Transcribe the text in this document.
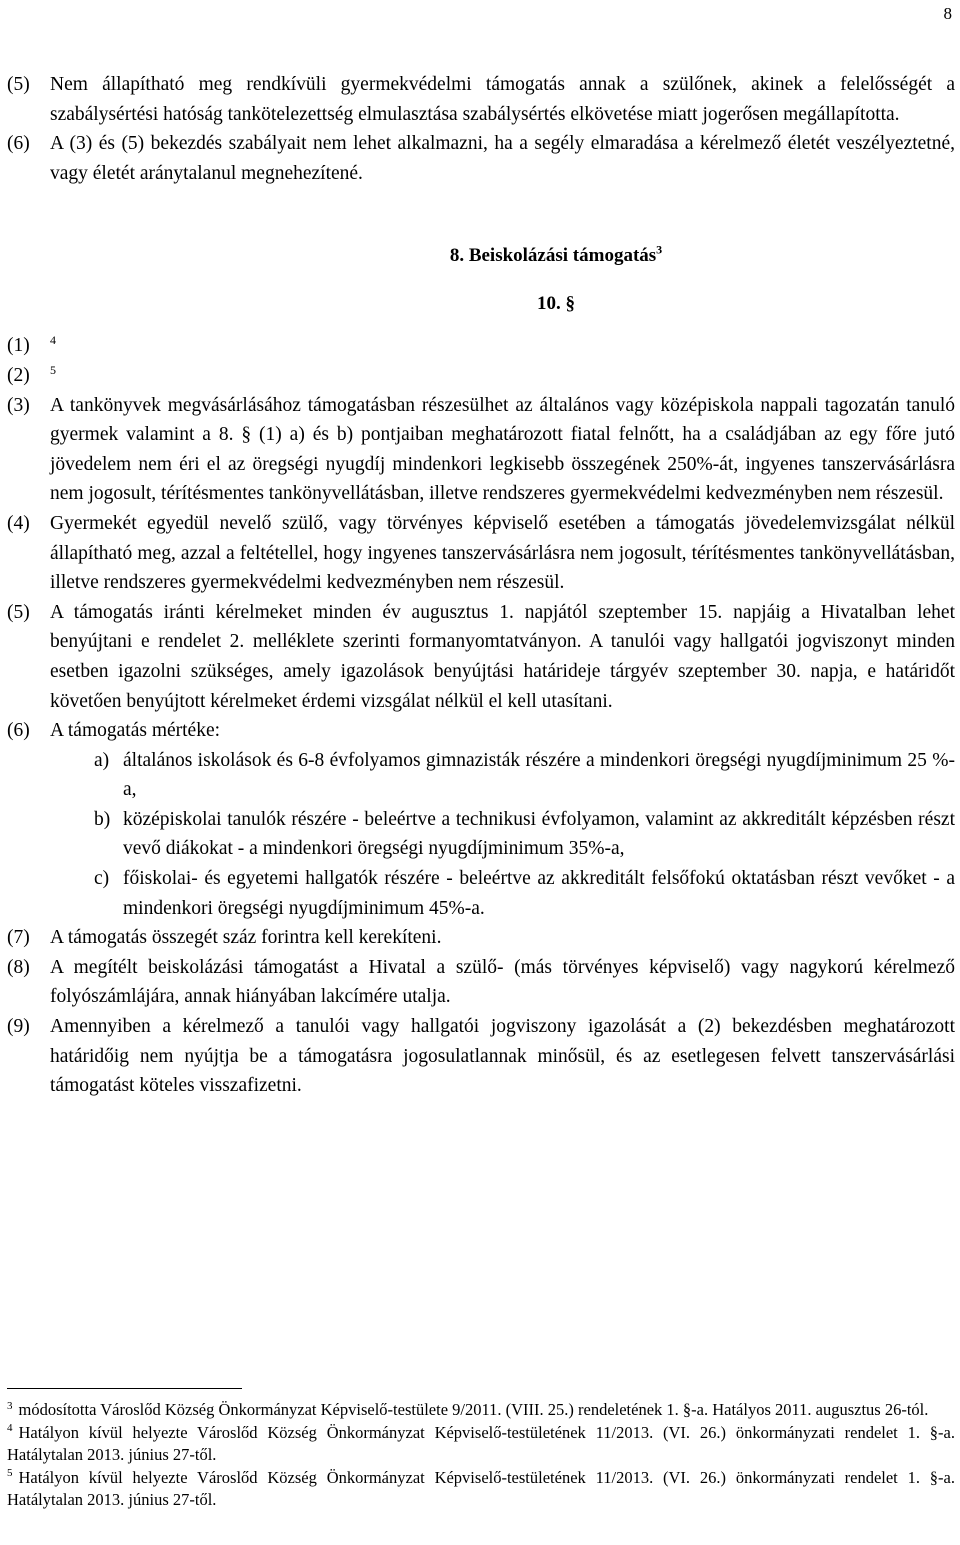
8

(5) Nem állapítható meg rendkívüli gyermekvédelmi támogatás annak a szülőnek, akinek a felelősségét a szabálysértési hatóság tankötelezettség elmulasztása szabálysértés elkövetése miatt jogerősen megállapította.

(6) A (3) és (5) bekezdés szabályait nem lehet alkalmazni, ha a segély elmaradása a kérelmező életét veszélyeztetné, vagy életét aránytalanul megnehezítené.

8. Beiskolázási támogatás$^3$
10. §
(1) 4
(2) 5

(3) A tankönyvek megvásárlásához támogatásban részesülhet az általános vagy középiskola nappali tagozatán tanuló gyermek valamint a 8. § (1) a) és b) pontjaiban meghatározott fiatal felnőtt, ha a családjában az egy főre jutó jövedelem nem éri el az öregségi nyugdíj mindenkori legkisebb összegének 250%-át, ingyenes tanszervásárlásra nem jogosult, térítésmentes tankönyvellátásban, illetve rendszeres gyermekvédelmi kedvezményben nem részesül.

(4) Gyermekét egyedül nevelő szülő, vagy törvényes képviselő esetében a támogatás jövedelemvizsgálat nélkül állapítható meg, azzal a feltétellel, hogy ingyenes tanszervásárlásra nem jogosult, térítésmentes tankönyvellátásban, illetve rendszeres gyermekvédelmi kedvezményben nem részesül.

(5) A támogatás iránti kérelmeket minden év augusztus 1. napjától szeptember 15. napjáig a Hivatalban lehet benyújtani e rendelet 2. melléklete szerinti formanyomtatványon. A tanulói vagy hallgatói jogviszonyt minden esetben igazolni szükséges, amely igazolások benyújtási határideje tárgyév szeptember 30. napja, e határidőt követően benyújtott kérelmeket érdemi vizsgálat nélkül el kell utasítani.

(6) A támogatás mértéke:

a) általános iskolások és 6-8 évfolyamos gimnazisták részére a mindenkori öregségi nyugdíjminimum 25 %-a,

b) középiskolai tanulók részére - beleértve a technikusi évfolyamon, valamint az akkreditált képzésben részt vevő diákokat - a mindenkori öregségi nyugdíjminimum 35%-a,

c) főiskolai- és egyetemi hallgatók részére - beleértve az akkreditált felsőfokú oktatásban részt vevőket - a mindenkori öregségi nyugdíjminimum 45%-a.

(7) A támogatás összegét száz forintra kell kerekíteni.

(8) A megítélt beiskolázási támogatást a Hivatal a szülő- (más törvényes képviselő) vagy nagykorú kérelmező folyószámlájára, annak hiányában lakcímére utalja.

(9) Amennyiben a kérelmező a tanulói vagy hallgatói jogviszony igazolását a (2) bekezdésben meghatározott határidőig nem nyújtja be a támogatásra jogosulatlannak minősül, és az esetlegesen felvett tanszervásárlási támogatást köteles visszafizetni.

$^3$ módosította Városlőd Község Önkormányzat Képviselő-testülete 9/2011. (VIII. 25.) rendeletének 1. §-a. Hatályos 2011. augusztus 26-tól.

$^4$ Hatályon kívül helyezte Városlőd Község Önkormányzat Képviselő-testületének 11/2013. (VI. 26.) önkormányzati rendelet 1. §-a. Hatálytalan 2013. június 27-től.

$^5$ Hatályon kívül helyezte Városlőd Község Önkormányzat Képviselő-testületének 11/2013. (VI. 26.) önkormányzati rendelet 1. §-a. Hatálytalan 2013. június 27-től.
